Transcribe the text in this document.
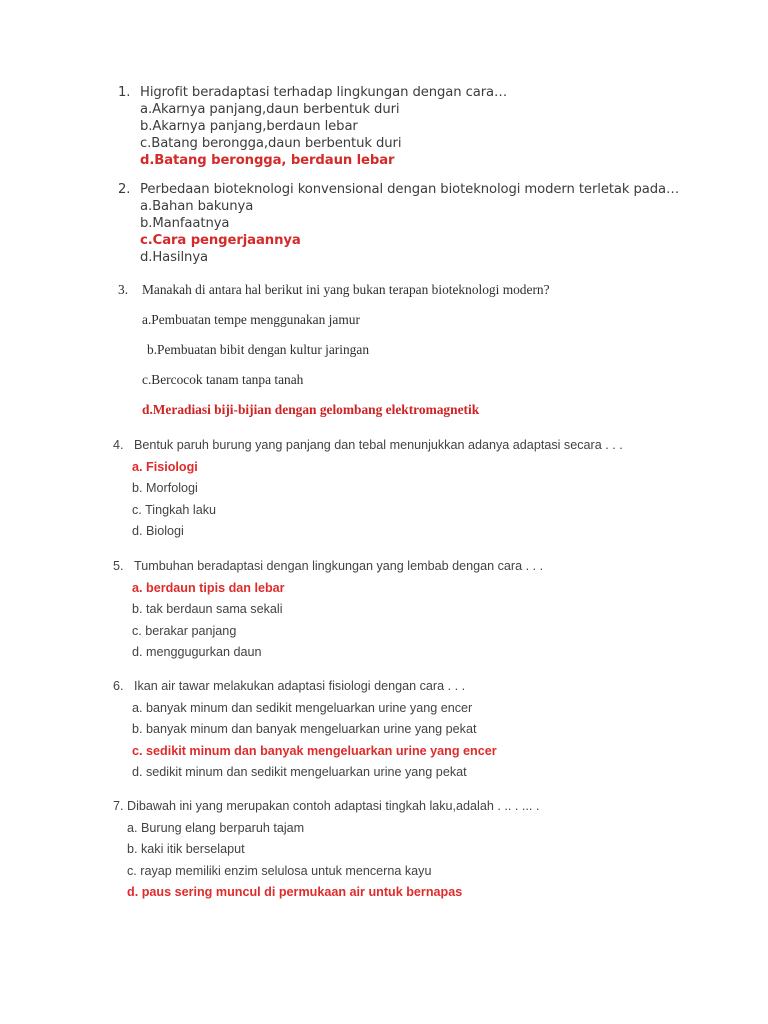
1. Higrofit beradaptasi terhadap lingkungan dengan cara…
a.Akarnya panjang,daun berbentuk duri
b.Akarnya panjang,berdaun lebar
c.Batang berongga,daun berbentuk duri
d.Batang berongga, berdaun lebar
2. Perbedaan bioteknologi konvensional dengan bioteknologi modern terletak pada…
a.Bahan bakunya
b.Manfaatnya
c.Cara pengerjaannya
d.Hasilnya
3.	Manakah di antara hal berikut ini yang bukan terapan bioteknologi modern?
a.Pembuatan tempe menggunakan jamur
b.Pembuatan bibit dengan kultur jaringan
c.Bercocok tanam tanpa tanah
d.Meradiasi biji-bijian dengan gelombang elektromagnetik
4. Bentuk paruh burung yang panjang dan tebal menunjukkan adanya adaptasi secara . . .
a. Fisiologi
b. Morfologi
c. Tingkah laku
d. Biologi
5. Tumbuhan beradaptasi dengan lingkungan yang lembab dengan cara . . .
a. berdaun tipis dan lebar
b. tak berdaun sama sekali
c. berakar panjang
d. menggugurkan daun
6. Ikan air tawar melakukan adaptasi fisiologi dengan cara . . .
a. banyak minum dan sedikit mengeluarkan urine yang encer
b. banyak minum dan banyak mengeluarkan urine yang pekat
c. sedikit minum dan banyak mengeluarkan urine yang encer
d. sedikit minum dan sedikit mengeluarkan urine yang pekat
7. Dibawah ini yang merupakan contoh adaptasi tingkah laku,adalah . .. . ... .
a. Burung elang berparuh tajam
b. kaki itik berselaput
c. rayap memiliki enzim selulosa untuk mencerna kayu
d. paus sering muncul di permukaan air untuk bernapas
